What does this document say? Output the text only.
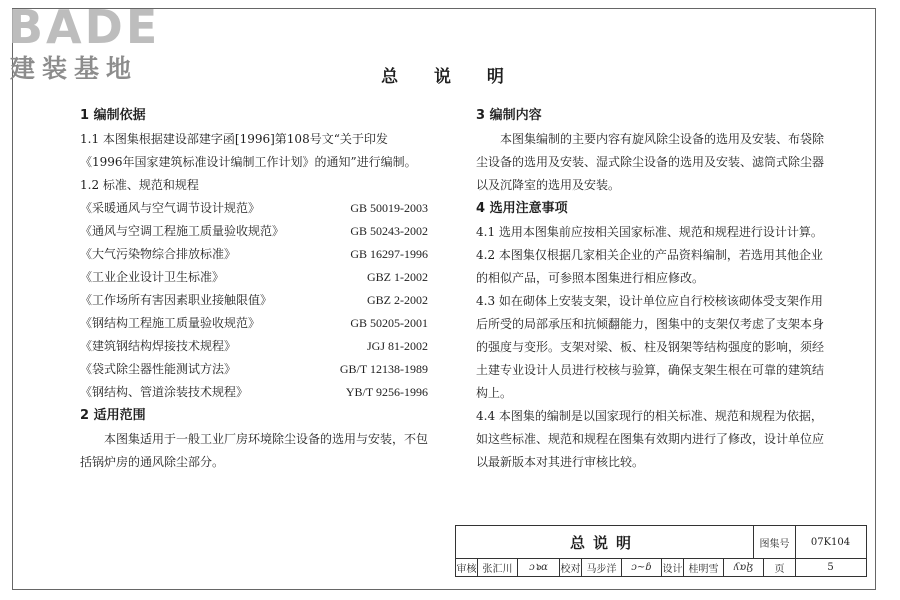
BADE
建装基地	总 说 明
1 编制依据

1.1 本图集根据建设部建字函[1996]第108号文“关于印发《1996年国家建筑标准设计编制工作计划》的通知”进行编制。

1.2 标准、规范和规程

《采暖通风与空气调节设计规范》	GB 50019-2003
《通风与空调工程施工质量验收规范》	GB 50243-2002
《大气污染物综合排放标准》	GB 16297-1996
《工业企业设计卫生标准》	GBZ 1-2002
《工作场所有害因素职业接触限值》	GBZ 2-2002
《钢结构工程施工质量验收规范》	GB 50205-2001
《建筑钢结构焊接技术规程》	JGJ 81-2002
《袋式除尘器性能测试方法》	GB/T 12138-1989
《钢结构、管道涂装技术规程》	YB/T 9256-1996
2 适用范围

本图集适用于一般工业厂房环境除尘设备的选用与安装，不包括锅炉房的通风除尘部分。

3 编制内容

本图集编制的主要内容有旋风除尘设备的选用及安装、布袋除尘设备的选用及安装、湿式除尘设备的选用及安装、滤筒式除尘器以及沉降室的选用及安装。

4 选用注意事项

4.1 选用本图集前应按相关国家标准、规范和规程进行设计计算。

4.2 本图集仅根据几家相关企业的产品资料编制，若选用其他企业的相似产品，可参照本图集进行相应修改。

4.3 如在砌体上安装支架，设计单位应自行校核该砌体受支架作用后所受的局部承压和抗倾翻能力，图集中的支架仅考虑了支架本身的强度与变形。支架对梁、板、柱及钢架等结构强度的影响，须经土建专业设计人员进行校核与验算，确保支架生根在可靠的建筑结构上。

4.4 本图集的编制是以国家现行的相关标准、规范和规程为依据，如这些标准、规范和规程在图集有效期内进行了修改，设计单位应以最新版本对其进行审核比较。

总说明	图集号	07K104
审核 张汇川	ɔ๖ɑ	校对 马步洋	ɔ~ɓ	设计 桂明雪	ʎɒɮ	页	5
